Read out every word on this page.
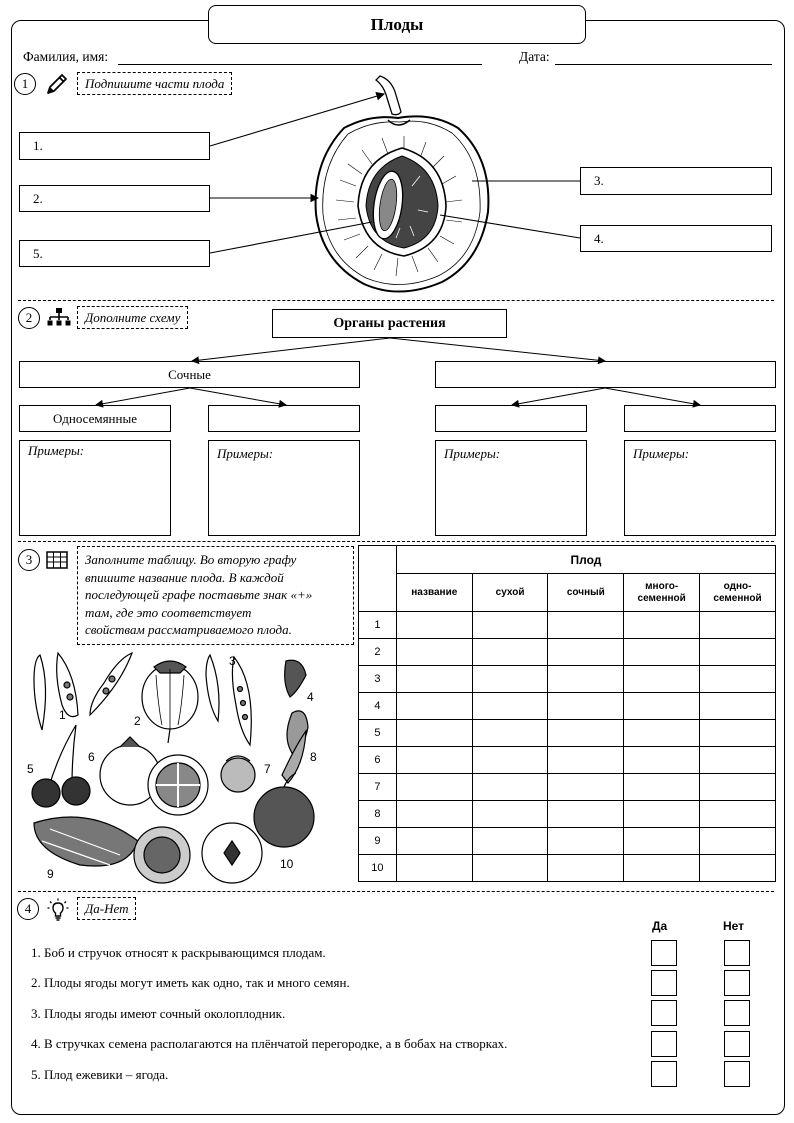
Плоды
Фамилия, имя:	Дата:
1	Подпишите части плода
1.
2.
5.
3.
4.
2	Дополните схему	Органы растения
Сочные
Односемянные
Примеры:	Примеры:	Примеры:	Примеры:
3	Заполните таблицу. Во вторую графу
впишите название плода. В каждой
последующей графе поставьте знак «+»
там, где это соответствует
свойствам рассматриваемого плода.
1	2
3
4
5
6
7
8
9
10
	Плод				
	название	сухой	сочный	много-
семенной	одно-
семенной
1					
2					
3					
4					
5					
6					
7					
8					
9					
10					
4	Да-Нет
Да	Нет
1. Боб и стручок относят к раскрывающимся плодам.
2. Плоды ягоды могут иметь как одно, так и много семян.
3. Плоды ягоды имеют сочный околоплодник.
4. В стручках семена располагаются на плёнчатой перегородке, а в бобах на створках.
5. Плод ежевики – ягода.
